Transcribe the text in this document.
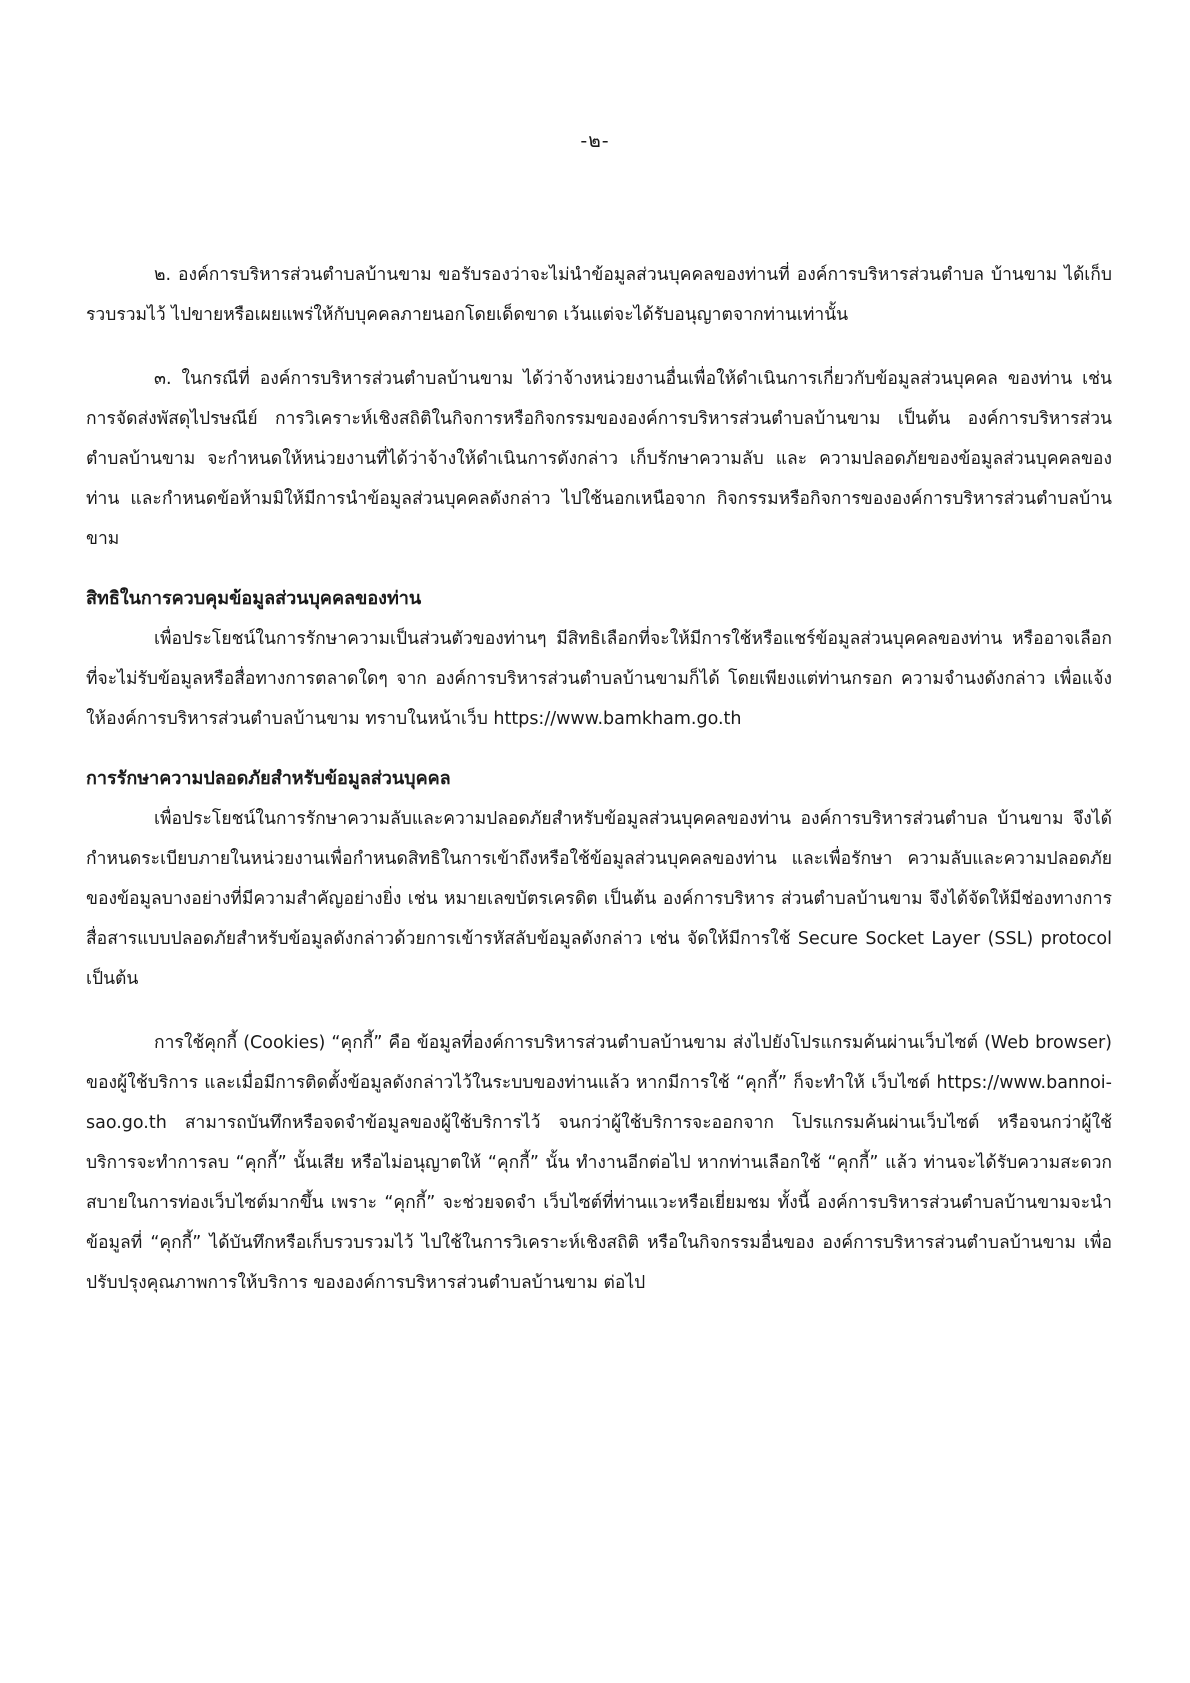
-๒-

๒. องค์การบริหารส่วนตำบลบ้านขาม ขอรับรองว่าจะไม่นำข้อมูลส่วนบุคคลของท่านที่ องค์การบริหารส่วนตำบล บ้านขาม ได้เก็บรวบรวมไว้ ไปขายหรือเผยแพร่ให้กับบุคคลภายนอกโดยเด็ดขาด เว้นแต่จะได้รับอนุญาตจากท่านเท่านั้น

๓. ในกรณีที่ องค์การบริหารส่วนตำบลบ้านขาม ได้ว่าจ้างหน่วยงานอื่นเพื่อให้ดำเนินการเกี่ยวกับข้อมูลส่วนบุคคล ของท่าน เช่น การจัดส่งพัสดุไปรษณีย์ การวิเคราะห์เชิงสถิติในกิจการหรือกิจกรรมขององค์การบริหารส่วนตำบลบ้านขาม เป็นต้น องค์การบริหารส่วนตำบลบ้านขาม จะกำหนดให้หน่วยงานที่ได้ว่าจ้างให้ดำเนินการดังกล่าว เก็บรักษาความลับ และ ความปลอดภัยของข้อมูลส่วนบุคคลของท่าน และกำหนดข้อห้ามมิให้มีการนำข้อมูลส่วนบุคคลดังกล่าว ไปใช้นอกเหนือจาก กิจกรรมหรือกิจการขององค์การบริหารส่วนตำบลบ้านขาม

สิทธิในการควบคุมข้อมูลส่วนบุคคลของท่าน

เพื่อประโยชน์ในการรักษาความเป็นส่วนตัวของท่านๆ มีสิทธิเลือกที่จะให้มีการใช้หรือแชร์ข้อมูลส่วนบุคคลของท่าน หรืออาจเลือกที่จะไม่รับข้อมูลหรือสื่อทางการตลาดใดๆ จาก องค์การบริหารส่วนตำบลบ้านขามก็ได้ โดยเพียงแต่ท่านกรอก ความจำนงดังกล่าว เพื่อแจ้งให้องค์การบริหารส่วนตำบลบ้านขาม ทราบในหน้าเว็บ https://www.bamkham.go.th

การรักษาความปลอดภัยสำหรับข้อมูลส่วนบุคคล

เพื่อประโยชน์ในการรักษาความลับและความปลอดภัยสำหรับข้อมูลส่วนบุคคลของท่าน องค์การบริหารส่วนตำบล บ้านขาม จึงได้กำหนดระเบียบภายในหน่วยงานเพื่อกำหนดสิทธิในการเข้าถึงหรือใช้ข้อมูลส่วนบุคคลของท่าน และเพื่อรักษา ความลับและความปลอดภัยของข้อมูลบางอย่างที่มีความสำคัญอย่างยิ่ง เช่น หมายเลขบัตรเครดิต เป็นต้น องค์การบริหาร ส่วนตำบลบ้านขาม จึงได้จัดให้มีช่องทางการสื่อสารแบบปลอดภัยสำหรับข้อมูลดังกล่าวด้วยการเข้ารหัสลับข้อมูลดังกล่าว เช่น จัดให้มีการใช้ Secure Socket Layer (SSL) protocol เป็นต้น

การใช้คุกกี้ (Cookies) “คุกกี้” คือ ข้อมูลที่องค์การบริหารส่วนตำบลบ้านขาม ส่งไปยังโปรแกรมค้นผ่านเว็บไซต์ (Web browser) ของผู้ใช้บริการ และเมื่อมีการติดตั้งข้อมูลดังกล่าวไว้ในระบบของท่านแล้ว หากมีการใช้ “คุกกี้” ก็จะทำให้ เว็บไซต์ https://www.bannoi-sao.go.th สามารถบันทึกหรือจดจำข้อมูลของผู้ใช้บริการไว้ จนกว่าผู้ใช้บริการจะออกจาก โปรแกรมค้นผ่านเว็บไซต์ หรือจนกว่าผู้ใช้บริการจะทำการลบ “คุกกี้” นั้นเสีย หรือไม่อนุญาตให้ “คุกกี้” นั้น ทำงานอีกต่อไป หากท่านเลือกใช้ “คุกกี้” แล้ว ท่านจะได้รับความสะดวกสบายในการท่องเว็บไซต์มากขึ้น เพราะ “คุกกี้” จะช่วยจดจำ เว็บไซต์ที่ท่านแวะหรือเยี่ยมชม ทั้งนี้ องค์การบริหารส่วนตำบลบ้านขามจะนำข้อมูลที่ “คุกกี้” ได้บันทึกหรือเก็บรวบรวมไว้ ไปใช้ในการวิเคราะห์เชิงสถิติ หรือในกิจกรรมอื่นของ องค์การบริหารส่วนตำบลบ้านขาม เพื่อ ปรับปรุงคุณภาพการให้บริการ ขององค์การบริหารส่วนตำบลบ้านขาม ต่อไป
